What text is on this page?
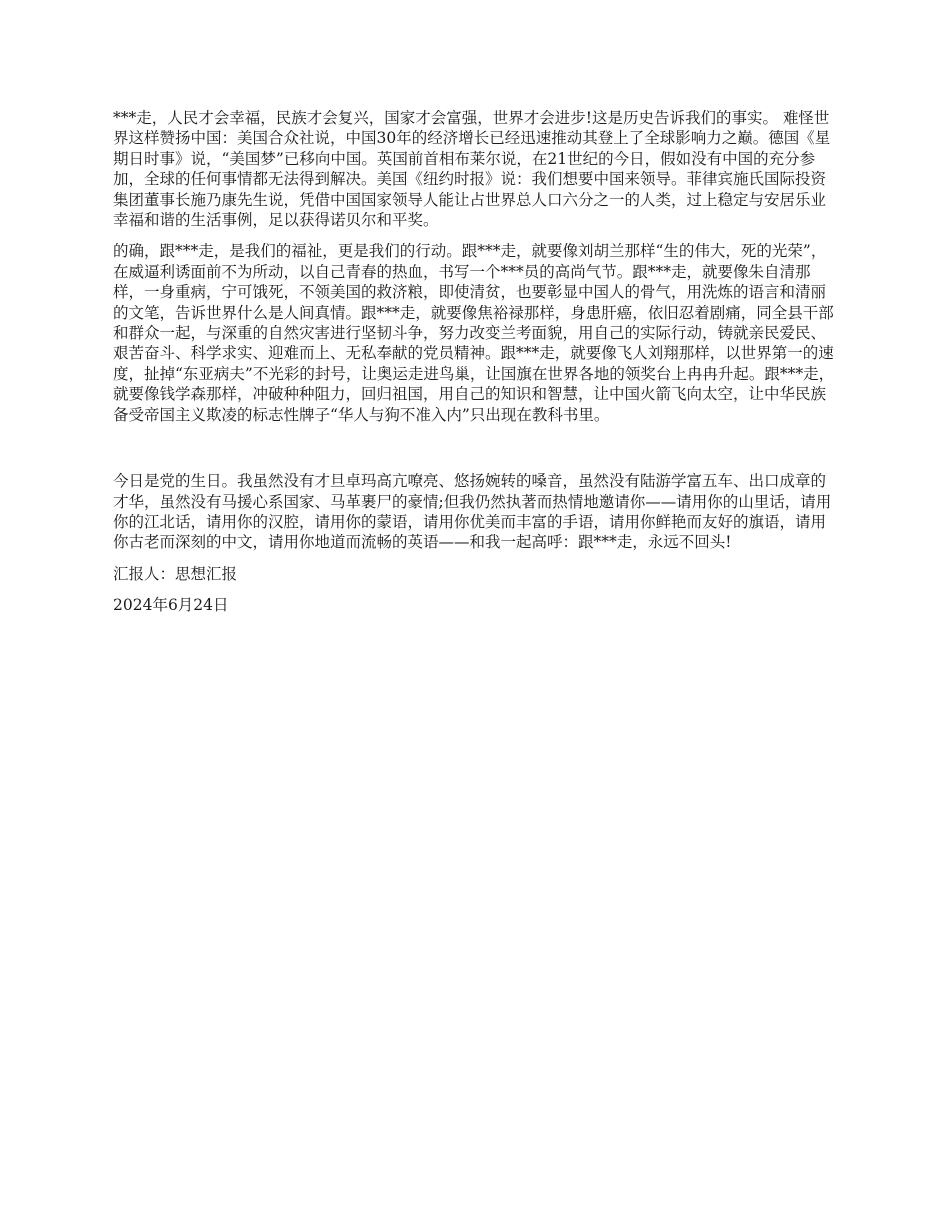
***走，人民才会幸福，民族才会复兴，国家才会富强，世界才会进步!这是历史告诉我们的事实。 难怪世界这样赞扬中国：美国合众社说，中国30年的经济增长已经迅速推动其登上了全球影响力之巅。德国《星期日时事》说，“美国梦”已移向中国。英国前首相布莱尔说，在21世纪的今日，假如没有中国的充分参加，全球的任何事情都无法得到解决。美国《纽约时报》说：我们想要中国来领导。菲律宾施氏国际投资集团董事长施乃康先生说，凭借中国国家领导人能让占世界总人口六分之一的人类，过上稳定与安居乐业幸福和谐的生活事例，足以获得诺贝尔和平奖。

的确，跟***走，是我们的福祉，更是我们的行动。跟***走，就要像刘胡兰那样“生的伟大，死的光荣”，在威逼利诱面前不为所动，以自己青春的热血，书写一个***员的高尚气节。跟***走，就要像朱自清那样，一身重病，宁可饿死，不领美国的救济粮，即使清贫，也要彰显中国人的骨气，用洗炼的语言和清丽的文笔，告诉世界什么是人间真情。跟***走，就要像焦裕禄那样，身患肝癌，依旧忍着剧痛，同全县干部和群众一起，与深重的自然灾害进行坚韧斗争，努力改变兰考面貌，用自己的实际行动，铸就亲民爱民、艰苦奋斗、科学求实、迎难而上、无私奉献的党员精神。跟***走，就要像飞人刘翔那样，以世界第一的速度，扯掉“东亚病夫”不光彩的封号，让奥运走进鸟巢，让国旗在世界各地的领奖台上冉冉升起。跟***走，就要像钱学森那样，冲破种种阻力，回归祖国，用自己的知识和智慧，让中国火箭飞向太空，让中华民族备受帝国主义欺凌的标志性牌子“华人与狗不准入内”只出现在教科书里。

今日是党的生日。我虽然没有才旦卓玛高亢嘹亮、悠扬婉转的嗓音，虽然没有陆游学富五车、出口成章的才华，虽然没有马援心系国家、马革裹尸的豪情;但我仍然执著而热情地邀请你——请用你的山里话，请用你的江北话，请用你的汉腔，请用你的蒙语，请用你优美而丰富的手语，请用你鲜艳而友好的旗语，请用你古老而深刻的中文，请用你地道而流畅的英语——和我一起高呼：跟***走，永远不回头!

汇报人：思想汇报

2024年6月24日
